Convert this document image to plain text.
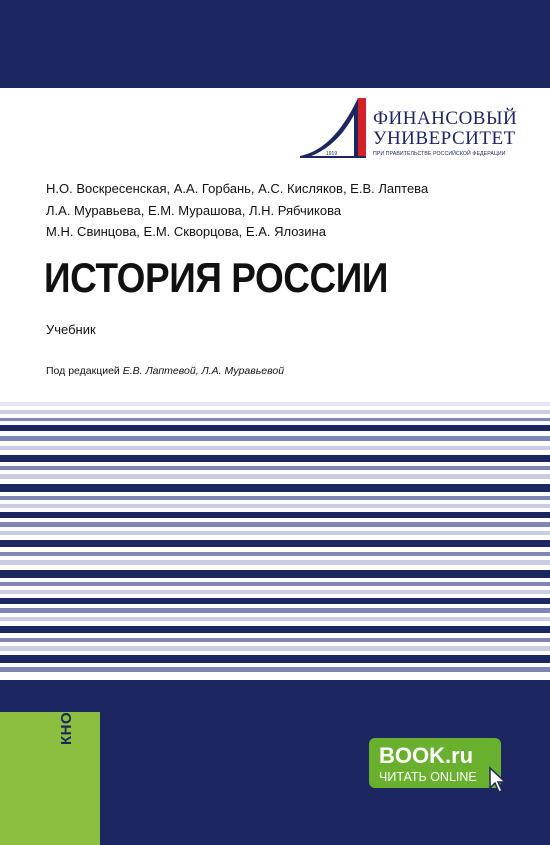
1919
ФИНАНСОВЫЙ
УНИВЕРСИТЕТ
ПРИ ПРАВИТЕЛЬСТВЕ РОССИЙСКОЙ ФЕДЕРАЦИИ
Н.О. Воскресенская, А.А. Горбань, А.С. Кисляков, Е.В. Лаптева
Л.А. Муравьева, Е.М. Мурашова, Л.Н. Рябчикова
М.Н. Свинцова, Е.М. Скворцова, Е.А. Ялозина
ИСТОРИЯ РОССИИ
Учебник
Под редакцией Е.В. Лаптевой, Л.А. Муравьевой
КНОРУС
BOOK.ru
ЧИТАТЬ ONLINE
